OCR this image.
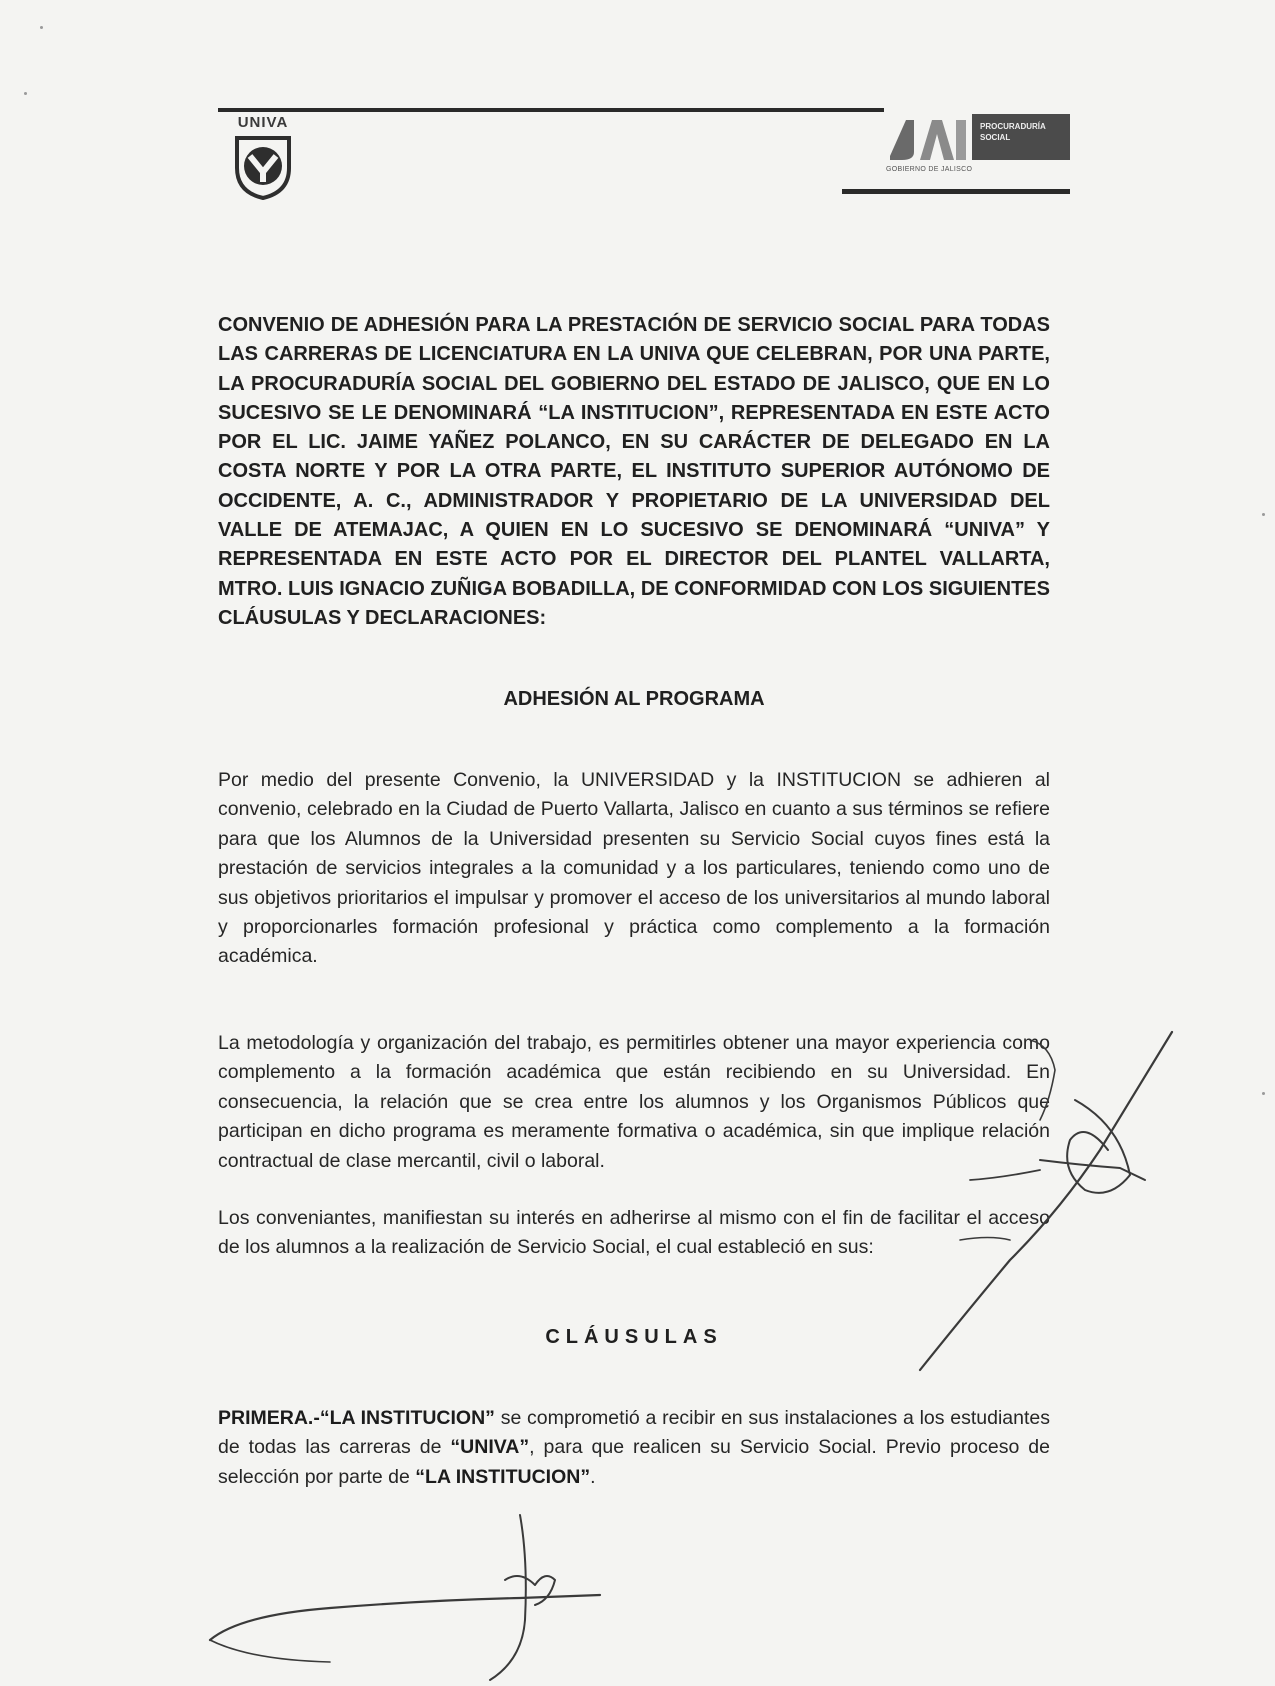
UNIVA	PROCURADURÍA
SOCIAL
GOBIERNO DE JALISCO
CONVENIO DE ADHESIÓN PARA LA PRESTACIÓN DE SERVICIO SOCIAL PARA TODAS LAS CARRERAS DE LICENCIATURA EN LA UNIVA QUE CELEBRAN, POR UNA PARTE, LA PROCURADURÍA SOCIAL DEL GOBIERNO DEL ESTADO DE JALISCO, QUE EN LO SUCESIVO SE LE DENOMINARÁ “LA INSTITUCION”, REPRESENTADA EN ESTE ACTO POR EL LIC. JAIME YAÑEZ POLANCO, EN SU CARÁCTER DE DELEGADO EN LA COSTA NORTE Y POR LA OTRA PARTE, EL INSTITUTO SUPERIOR AUTÓNOMO DE OCCIDENTE, A. C., ADMINISTRADOR Y PROPIETARIO DE LA UNIVERSIDAD DEL VALLE DE ATEMAJAC, A QUIEN EN LO SUCESIVO SE DENOMINARÁ “UNIVA” Y REPRESENTADA EN ESTE ACTO POR EL DIRECTOR DEL PLANTEL VALLARTA, MTRO. LUIS IGNACIO ZUÑIGA BOBADILLA, DE CONFORMIDAD CON LOS SIGUIENTES CLÁUSULAS Y DECLARACIONES:
ADHESIÓN AL PROGRAMA

Por medio del presente Convenio, la UNIVERSIDAD y la INSTITUCION se adhieren al convenio, celebrado en la Ciudad de Puerto Vallarta, Jalisco en cuanto a sus términos se refiere para que los Alumnos de la Universidad presenten su Servicio Social cuyos fines está la prestación de servicios integrales a la comunidad y a los particulares, teniendo como uno de sus objetivos prioritarios el impulsar y promover el acceso de los universitarios al mundo laboral y proporcionarles formación profesional y práctica como complemento a la formación académica.

La metodología y organización del trabajo, es permitirles obtener una mayor experiencia como complemento a la formación académica que están recibiendo en su Universidad. En consecuencia, la relación que se crea entre los alumnos y los Organismos Públicos que participan en dicho programa es meramente formativa o académica, sin que implique relación contractual de clase mercantil, civil o laboral.

Los conveniantes, manifiestan su interés en adherirse al mismo con el fin de facilitar el acceso de los alumnos a la realización de Servicio Social, el cual estableció en sus:

CLÁUSULAS

PRIMERA.-“LA INSTITUCION” se comprometió a recibir en sus instalaciones a los estudiantes de todas las carreras de “UNIVA”, para que realicen su Servicio Social. Previo proceso de selección por parte de “LA INSTITUCION”.
